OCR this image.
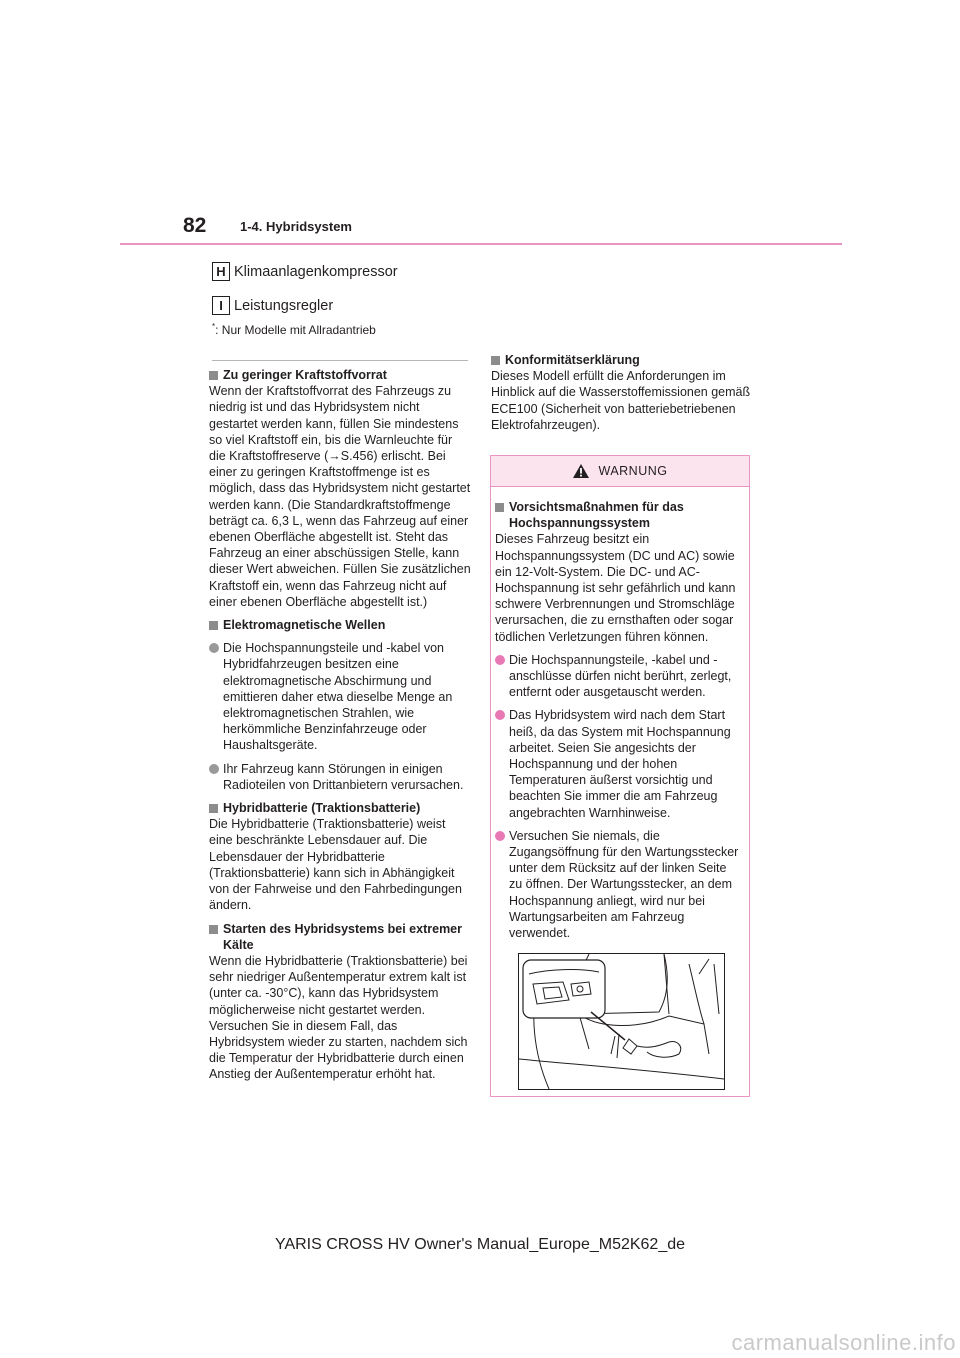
82	1-4. Hybridsystem
H Klimaanlagenkompressor
I Leistungsregler
*: Nur Modelle mit Allradantrieb
Zu geringer Kraftstoffvorrat
Wenn der Kraftstoffvorrat des Fahrzeugs zu niedrig ist und das Hybridsystem nicht gestartet werden kann, füllen Sie mindestens so viel Kraftstoff ein, bis die Warnleuchte für die Kraftstoffreserve (→S.456) erlischt. Bei einer zu geringen Kraftstoffmenge ist es möglich, dass das Hybridsystem nicht gestartet werden kann. (Die Standardkraftstoffmenge beträgt ca. 6,3 L, wenn das Fahrzeug auf einer ebenen Oberfläche abgestellt ist. Steht das Fahrzeug an einer abschüssigen Stelle, kann dieser Wert abweichen. Füllen Sie zusätzlichen Kraftstoff ein, wenn das Fahrzeug nicht auf einer ebenen Oberfläche abgestellt ist.)
Elektromagnetische Wellen
Die Hochspannungsteile und -kabel von Hybridfahrzeugen besitzen eine elektromagnetische Abschirmung und emittieren daher etwa dieselbe Menge an elektromagnetischen Strahlen, wie herkömmliche Benzinfahrzeuge oder Haushaltsgeräte.
Ihr Fahrzeug kann Störungen in einigen Radioteilen von Drittanbietern verursachen.
Hybridbatterie (Traktionsbatterie)
Die Hybridbatterie (Traktionsbatterie) weist eine beschränkte Lebensdauer auf. Die Lebensdauer der Hybridbatterie (Traktionsbatterie) kann sich in Abhängigkeit von der Fahrweise und den Fahrbedingungen ändern.
Starten des Hybridsystems bei extremer Kälte
Wenn die Hybridbatterie (Traktionsbatterie) bei sehr niedriger Außentemperatur extrem kalt ist (unter ca. -30°C), kann das Hybridsystem möglicherweise nicht gestartet werden. Versuchen Sie in diesem Fall, das Hybridsystem wieder zu starten, nachdem sich die Temperatur der Hybridbatterie durch einen Anstieg der Außentemperatur erhöht hat.
Konformitätserklärung
Dieses Modell erfüllt die Anforderungen im Hinblick auf die Wasserstoffemissionen gemäß ECE100 (Sicherheit von batteriebetriebenen Elektrofahrzeugen).
WARNUNG
Vorsichtsmaßnahmen für das Hochspannungssystem
Dieses Fahrzeug besitzt ein Hochspannungssystem (DC und AC) sowie ein 12-Volt-System. Die DC- und AC-Hochspannung ist sehr gefährlich und kann schwere Verbrennungen und Stromschläge verursachen, die zu ernsthaften oder sogar tödlichen Verletzungen führen können.
Die Hochspannungsteile, -kabel und -anschlüsse dürfen nicht berührt, zerlegt, entfernt oder ausgetauscht werden.
Das Hybridsystem wird nach dem Start heiß, da das System mit Hochspannung arbeitet. Seien Sie angesichts der Hochspannung und der hohen Temperaturen äußerst vorsichtig und beachten Sie immer die am Fahrzeug angebrachten Warnhinweise.
Versuchen Sie niemals, die Zugangsöffnung für den Wartungsstecker unter dem Rücksitz auf der linken Seite zu öffnen. Der Wartungsstecker, an dem Hochspannung anliegt, wird nur bei Wartungsarbeiten am Fahrzeug verwendet.
YARIS CROSS HV Owner's Manual_Europe_M52K62_de
carmanualsonline.info
